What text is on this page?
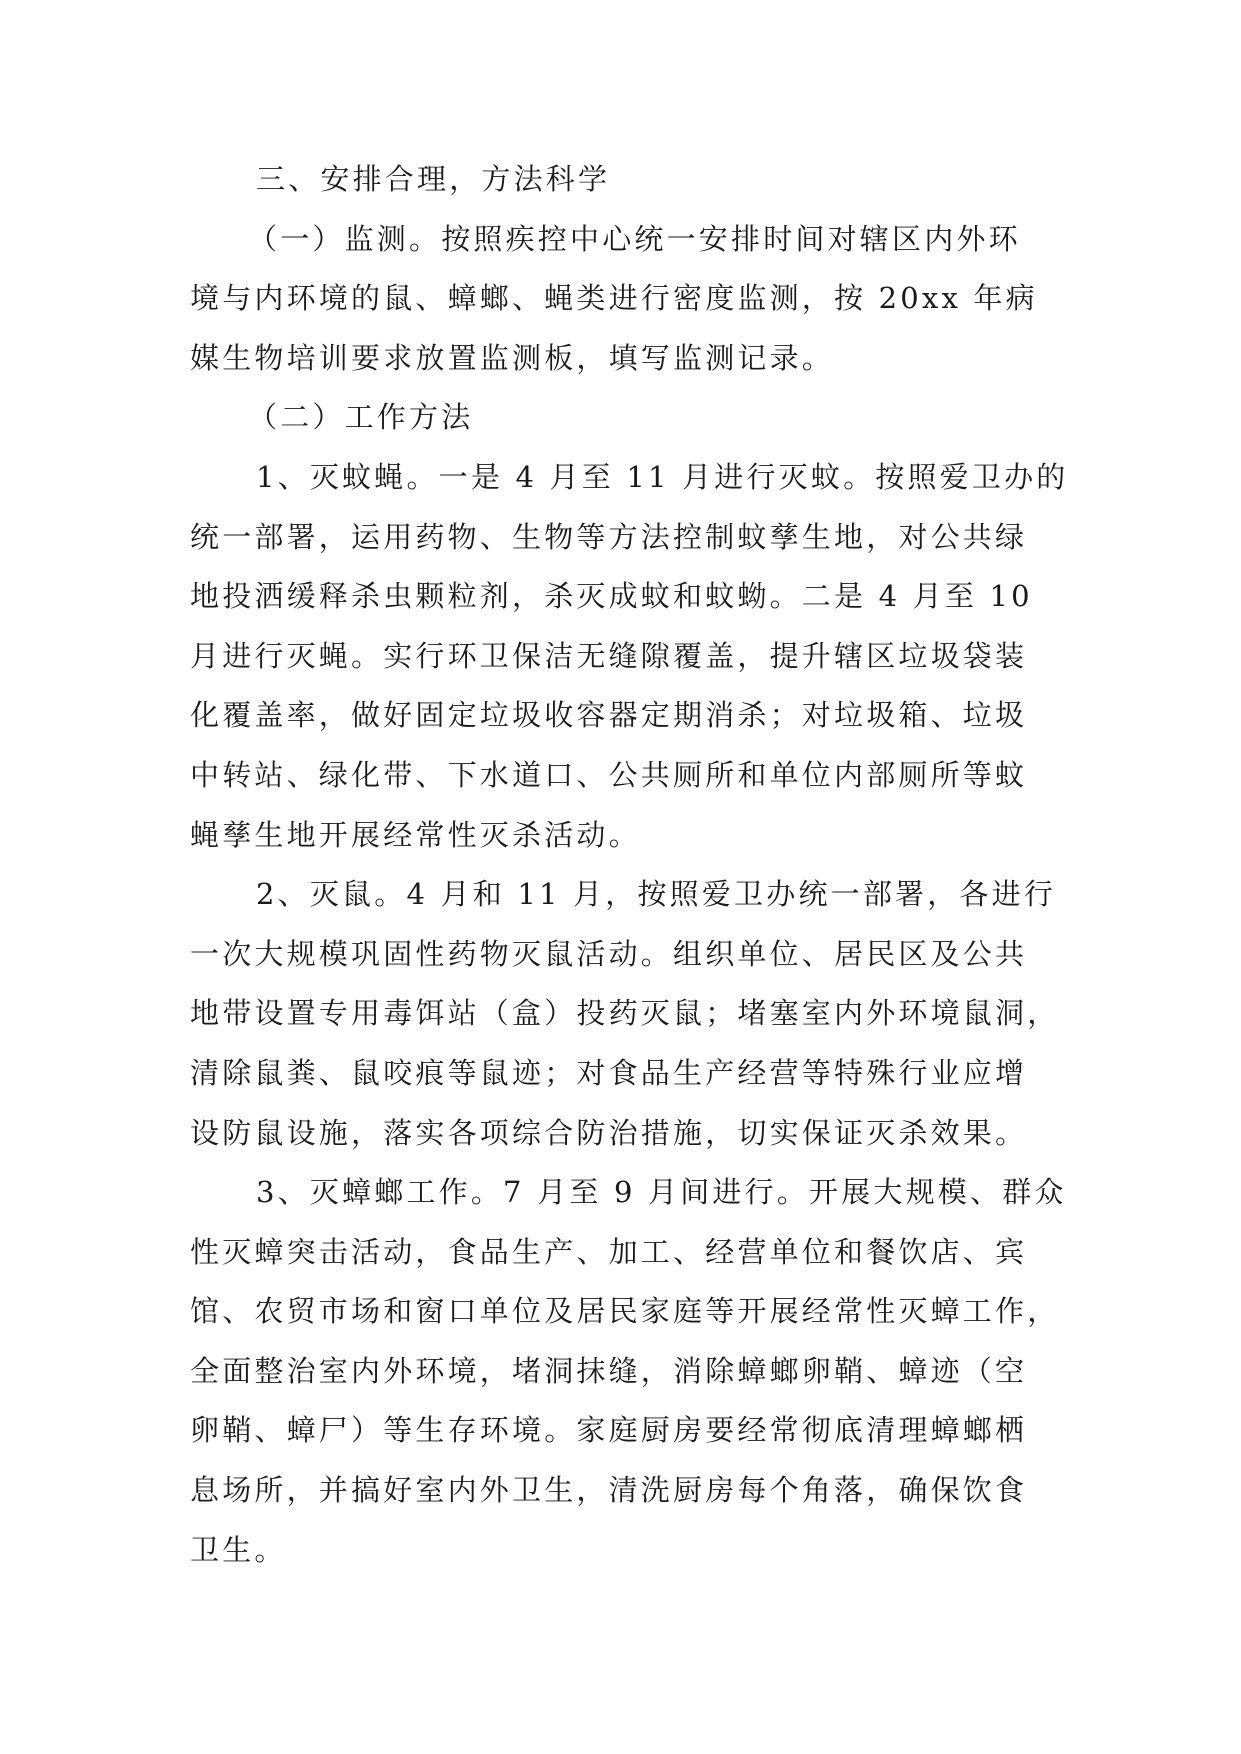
三、安排合理，方法科学
（一）监测。按照疾控中心统一安排时间对辖区内外环
境与内环境的鼠、蟑螂、蝇类进行密度监测，按 20xx 年病
媒生物培训要求放置监测板，填写监测记录。
（二）工作方法
1、灭蚊蝇。一是 4 月至 11 月进行灭蚊。按照爱卫办的
统一部署，运用药物、生物等方法控制蚊孳生地，对公共绿
地投洒缓释杀虫颗粒剂，杀灭成蚊和蚊蚴。二是 4 月至 10
月进行灭蝇。实行环卫保洁无缝隙覆盖，提升辖区垃圾袋装
化覆盖率，做好固定垃圾收容器定期消杀；对垃圾箱、垃圾
中转站、绿化带、下水道口、公共厕所和单位内部厕所等蚊
蝇孳生地开展经常性灭杀活动。
2、灭鼠。4 月和 11 月，按照爱卫办统一部署，各进行
一次大规模巩固性药物灭鼠活动。组织单位、居民区及公共
地带设置专用毒饵站（盒）投药灭鼠；堵塞室内外环境鼠洞，
清除鼠粪、鼠咬痕等鼠迹；对食品生产经营等特殊行业应增
设防鼠设施，落实各项综合防治措施，切实保证灭杀效果。
3、灭蟑螂工作。7 月至 9 月间进行。开展大规模、群众
性灭蟑突击活动，食品生产、加工、经营单位和餐饮店、宾
馆、农贸市场和窗口单位及居民家庭等开展经常性灭蟑工作，
全面整治室内外环境，堵洞抹缝，消除蟑螂卵鞘、蟑迹（空
卵鞘、蟑尸）等生存环境。家庭厨房要经常彻底清理蟑螂栖
息场所，并搞好室内外卫生，清洗厨房每个角落，确保饮食
卫生。
